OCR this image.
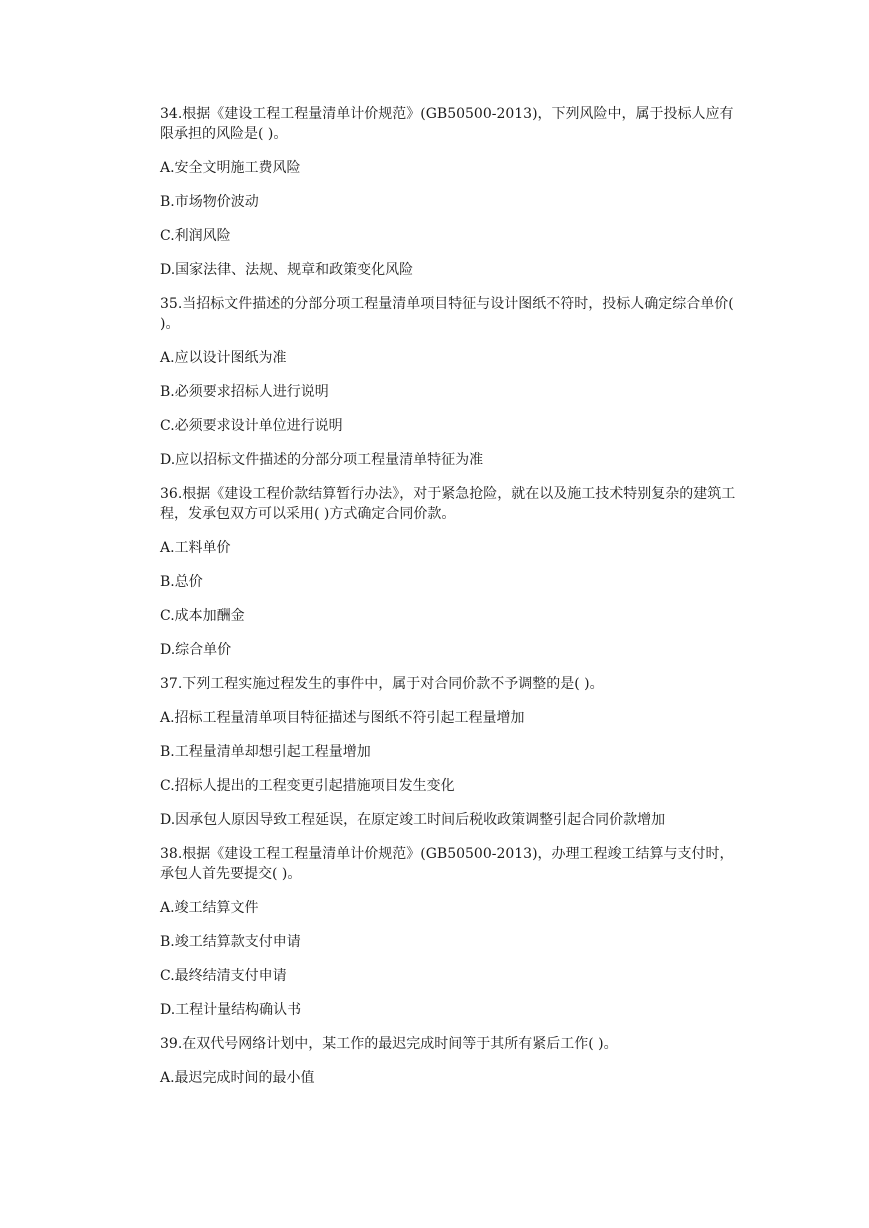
34.根据《建设工程工程量清单计价规范》(GB50500-2013)，下列风险中，属于投标人应有限承担的风险是( )。

A.安全文明施工费风险

B.市场物价波动

C.利润风险

D.国家法律、法规、规章和政策变化风险

35.当招标文件描述的分部分项工程量清单项目特征与设计图纸不符时，投标人确定综合单价( )。

A.应以设计图纸为准

B.必须要求招标人进行说明

C.必须要求设计单位进行说明

D.应以招标文件描述的分部分项工程量清单特征为准

36.根据《建设工程价款结算暂行办法》，对于紧急抢险，就在以及施工技术特别复杂的建筑工程，发承包双方可以采用( )方式确定合同价款。

A.工料单价

B.总价

C.成本加酬金

D.综合单价

37.下列工程实施过程发生的事件中，属于对合同价款不予调整的是( )。

A.招标工程量清单项目特征描述与图纸不符引起工程量增加

B.工程量清单却想引起工程量增加

C.招标人提出的工程变更引起措施项目发生变化

D.因承包人原因导致工程延误，在原定竣工时间后税收政策调整引起合同价款增加

38.根据《建设工程工程量清单计价规范》(GB50500-2013)，办理工程竣工结算与支付时，承包人首先要提交( )。

A.竣工结算文件

B.竣工结算款支付申请

C.最终结清支付申请

D.工程计量结构确认书

39.在双代号网络计划中，某工作的最迟完成时间等于其所有紧后工作( )。

A.最迟完成时间的最小值
